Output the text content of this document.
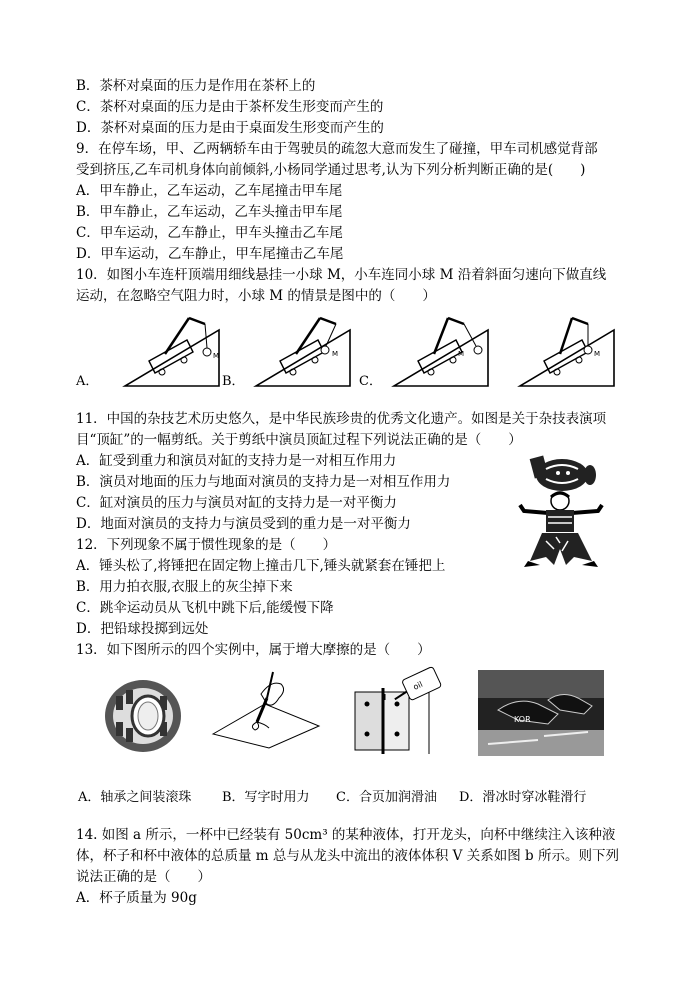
B．茶杯对桌面的压力是作用在茶杯上的
C．茶杯对桌面的压力是由于茶杯发生形变而产生的
D．茶杯对桌面的压力是由于桌面发生形变而产生的
9．在停车场，甲、乙两辆轿车由于驾驶员的疏忽大意而发生了碰撞，甲车司机感觉背部
受到挤压,乙车司机身体向前倾斜,小杨同学通过思考,认为下列分析判断正确的是(　　)
A．甲车静止，乙车运动，乙车尾撞击甲车尾
B．甲车静止，乙车运动，乙车头撞击甲车尾
C．甲车运动，乙车静止，甲车头撞击乙车尾
D．甲车运动，乙车静止，甲车尾撞击乙车尾
10．如图小车连杆顶端用细线悬挂一小球 M，小车连同小球 M 沿着斜面匀速向下做直线
运动，在忽略空气阻力时，小球 M 的情景是图中的（　　）
A．	B．	C．
M	M	M	M
11．中国的杂技艺术历史悠久，是中华民族珍贵的优秀文化遗产。如图是关于杂技表演项
目“顶缸”的一幅剪纸。关于剪纸中演员顶缸过程下列说法正确的是（　　）
A．缸受到重力和演员对缸的支持力是一对相互作用力
B．演员对地面的压力与地面对演员的支持力是一对相互作用力
C．缸对演员的压力与演员对缸的支持力是一对平衡力
D．地面对演员的支持力与演员受到的重力是一对平衡力
12．下列现象不属于惯性现象的是（　　）
A．锤头松了,将锤把在固定物上撞击几下,锤头就紧套在锤把上
B．用力拍衣服,衣服上的灰尘掉下来
C．跳伞运动员从飞机中跳下后,能缓慢下降
D．把铅球投掷到远处
13．如下图所示的四个实例中，属于增大摩擦的是（　　）
oil
KOR
A．轴承之间装滚珠 B．写字时用力 C．合页加润滑油 D．滑冰时穿冰鞋滑行
14. 如图 a 所示，一杯中已经装有 50cm³ 的某种液体，打开龙头，向杯中继续注入该种液
体，杯子和杯中液体的总质量 m 总与从龙头中流出的液体体积 V 关系如图 b 所示。则下列
说法正确的是（　　）
A．杯子质量为 90g
